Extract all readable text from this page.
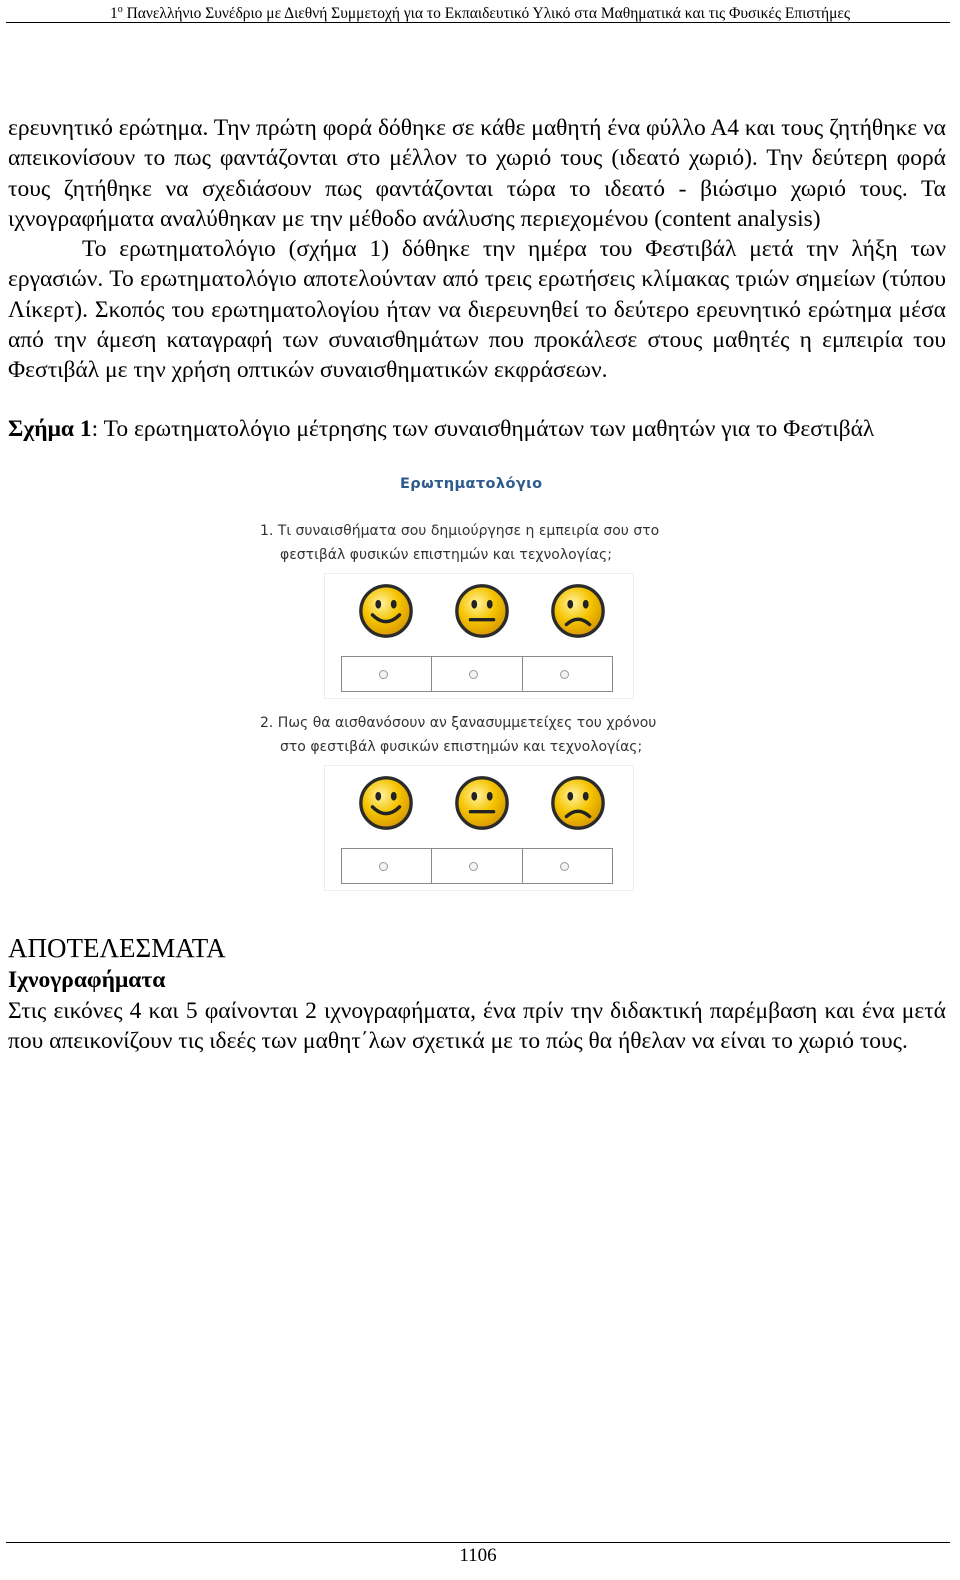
$1^o$ Πανελλήνιο Συνέδριο με Διεθνή Συμμετοχή για το Εκπαιδευτικό Υλικό στα Μαθηματικά και τις Φυσικές Επιστήμες

ερευνητικό ερώτημα. Την πρώτη φορά δόθηκε σε κάθε μαθητή ένα φύλλο Α4 και τους ζητήθηκε να απεικονίσουν το πως φαντάζονται στο μέλλον το χωριό τους (ιδεατό χωριό). Την δεύτερη φορά τους ζητήθηκε να σχεδιάσουν πως φαντάζονται τώρα το ιδεατό - βιώσιμο χωριό τους. Τα ιχνογραφήματα αναλύθηκαν με την μέθοδο ανάλυσης περιεχομένου (content analysis)

Το ερωτηματολόγιο (σχήμα 1) δόθηκε την ημέρα του Φεστιβάλ μετά την λήξη των εργασιών. Το ερωτηματολόγιο αποτελούνταν από τρεις ερωτήσεις κλίμακας τριών σημείων (τύπου Λίκερτ). Σκοπός του ερωτηματολογίου ήταν να διερευνηθεί το δεύτερο ερευνητικό ερώτημα μέσα από την άμεση καταγραφή των συναισθημάτων που προκάλεσε στους μαθητές η εμπειρία του Φεστιβάλ με την χρήση οπτικών συναισθηματικών εκφράσεων.

Σχήμα 1: Το ερωτηματολόγιο μέτρησης των συναισθημάτων των μαθητών για το Φεστιβάλ

Ερωτηματολόγιο
1. Τι συναισθήματα σου δημιούργησε η εμπειρία σου στο
φεστιβάλ φυσικών επιστημών και τεχνολογίας;
2. Πως θα αισθανόσουν αν ξανασυμμετείχες του χρόνου
στο φεστιβάλ φυσικών επιστημών και τεχνολογίας;
ΑΠΟΤΕΛΕΣΜΑΤΑ
Ιχνογραφήματα

Στις εικόνες 4 και 5 φαίνονται 2 ιχνογραφήματα, ένα πρίν την διδακτική παρέμβαση και ένα μετά που απεικονίζουν τις ιδεές των μαθητ΄λων σχετικά με το πώς θα ήθελαν να είναι το χωριό τους.

1106
